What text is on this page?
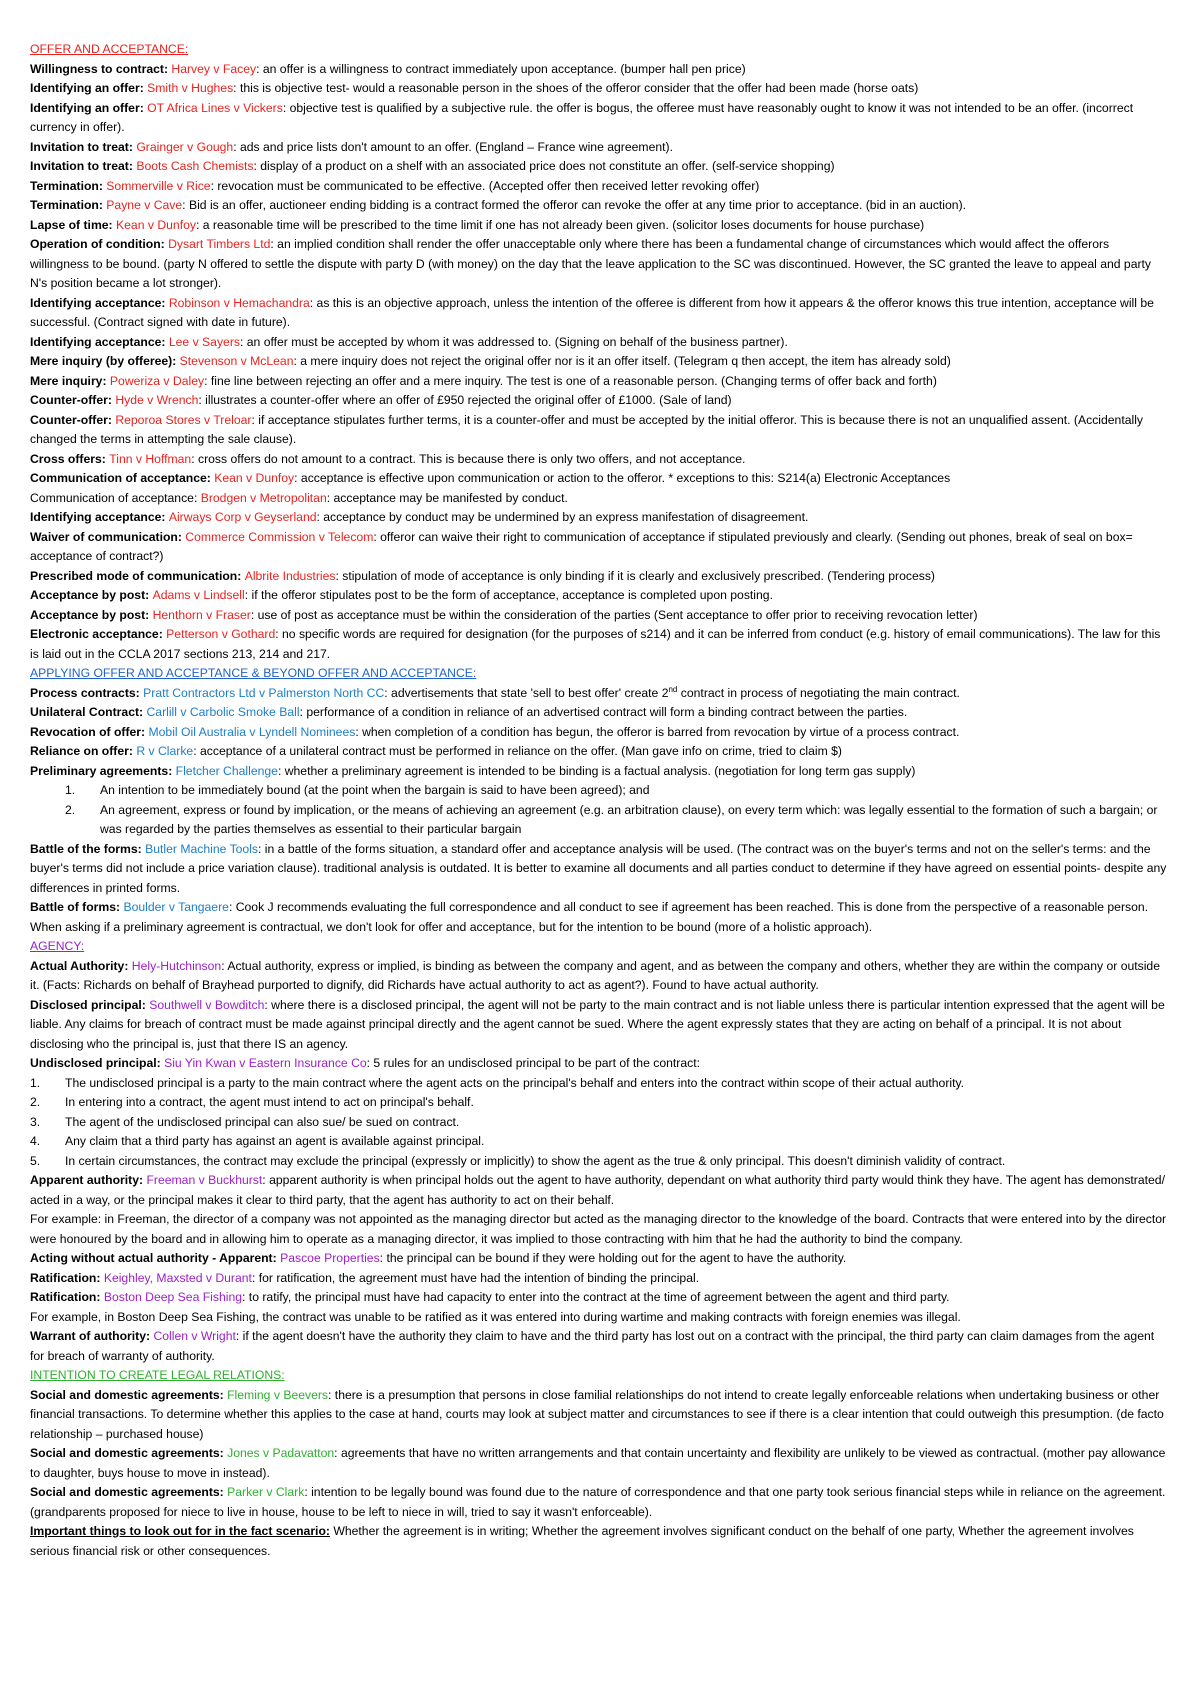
OFFER AND ACCEPTANCE:
Willingness to contract: Harvey v Facey: an offer is a willingness to contract immediately upon acceptance. (bumper hall pen price)
Identifying an offer: Smith v Hughes: this is objective test- would a reasonable person in the shoes of the offeror consider that the offer had been made (horse oats)
Identifying an offer: OT Africa Lines v Vickers: objective test is qualified by a subjective rule. the offer is bogus, the offeree must have reasonably ought to know it was not intended to be an offer. (incorrect currency in offer).
Invitation to treat: Grainger v Gough: ads and price lists don't amount to an offer. (England – France wine agreement).
Invitation to treat: Boots Cash Chemists: display of a product on a shelf with an associated price does not constitute an offer. (self-service shopping)
Termination: Sommerville v Rice: revocation must be communicated to be effective. (Accepted offer then received letter revoking offer)
Termination: Payne v Cave: Bid is an offer, auctioneer ending bidding is a contract formed the offeror can revoke the offer at any time prior to acceptance. (bid in an auction).
Lapse of time: Kean v Dunfoy: a reasonable time will be prescribed to the time limit if one has not already been given. (solicitor loses documents for house purchase)
Operation of condition: Dysart Timbers Ltd: an implied condition shall render the offer unacceptable only where there has been a fundamental change of circumstances which would affect the offerors willingness to be bound. (party N offered to settle the dispute with party D (with money) on the day that the leave application to the SC was discontinued. However, the SC granted the leave to appeal and party N's position became a lot stronger).
Identifying acceptance: Robinson v Hemachandra: as this is an objective approach, unless the intention of the offeree is different from how it appears & the offeror knows this true intention, acceptance will be successful. (Contract signed with date in future).
Identifying acceptance: Lee v Sayers: an offer must be accepted by whom it was addressed to. (Signing on behalf of the business partner).
Mere inquiry (by offeree): Stevenson v McLean: a mere inquiry does not reject the original offer nor is it an offer itself. (Telegram q then accept, the item has already sold)
Mere inquiry: Poweriza v Daley: fine line between rejecting an offer and a mere inquiry. The test is one of a reasonable person. (Changing terms of offer back and forth)
Counter-offer: Hyde v Wrench: illustrates a counter-offer where an offer of £950 rejected the original offer of £1000. (Sale of land)
Counter-offer: Reporoa Stores v Treloar: if acceptance stipulates further terms, it is a counter-offer and must be accepted by the initial offeror. This is because there is not an unqualified assent. (Accidentally changed the terms in attempting the sale clause).
Cross offers: Tinn v Hoffman: cross offers do not amount to a contract. This is because there is only two offers, and not acceptance.
Communication of acceptance: Kean v Dunfoy: acceptance is effective upon communication or action to the offeror. * exceptions to this: S214(a) Electronic Acceptances
Communication of acceptance: Brodgen v Metropolitan: acceptance may be manifested by conduct.
Identifying acceptance: Airways Corp v Geyserland: acceptance by conduct may be undermined by an express manifestation of disagreement.
Waiver of communication: Commerce Commission v Telecom: offeror can waive their right to communication of acceptance if stipulated previously and clearly. (Sending out phones, break of seal on box= acceptance of contract?)
Prescribed mode of communication: Albrite Industries: stipulation of mode of acceptance is only binding if it is clearly and exclusively prescribed. (Tendering process)
Acceptance by post: Adams v Lindsell: if the offeror stipulates post to be the form of acceptance, acceptance is completed upon posting.
Acceptance by post: Henthorn v Fraser: use of post as acceptance must be within the consideration of the parties (Sent acceptance to offer prior to receiving revocation letter)
Electronic acceptance: Petterson v Gothard: no specific words are required for designation (for the purposes of s214) and it can be inferred from conduct (e.g. history of email communications). The law for this is laid out in the CCLA 2017 sections 213, 214 and 217.
APPLYING OFFER AND ACCEPTANCE & BEYOND OFFER AND ACCEPTANCE:
Process contracts: Pratt Contractors Ltd v Palmerston North CC: advertisements that state 'sell to best offer' create 2nd contract in process of negotiating the main contract.
Unilateral Contract: Carlill v Carbolic Smoke Ball: performance of a condition in reliance of an advertised contract will form a binding contract between the parties.
Revocation of offer: Mobil Oil Australia v Lyndell Nominees: when completion of a condition has begun, the offeror is barred from revocation by virtue of a process contract.
Reliance on offer: R v Clarke: acceptance of a unilateral contract must be performed in reliance on the offer. (Man gave info on crime, tried to claim $)
Preliminary agreements: Fletcher Challenge: whether a preliminary agreement is intended to be binding is a factual analysis. (negotiation for long term gas supply)
1. An intention to be immediately bound (at the point when the bargain is said to have been agreed); and
2. An agreement, express or found by implication, or the means of achieving an agreement (e.g. an arbitration clause), on every term which: was legally essential to the formation of such a bargain; or was regarded by the parties themselves as essential to their particular bargain
Battle of the forms: Butler Machine Tools: in a battle of the forms situation, a standard offer and acceptance analysis will be used. (The contract was on the buyer's terms and not on the seller's terms: and the buyer's terms did not include a price variation clause). traditional analysis is outdated. It is better to examine all documents and all parties conduct to determine if they have agreed on essential points- despite any differences in printed forms.
Battle of forms: Boulder v Tangaere: Cook J recommends evaluating the full correspondence and all conduct to see if agreement has been reached. This is done from the perspective of a reasonable person. When asking if a preliminary agreement is contractual, we don't look for offer and acceptance, but for the intention to be bound (more of a holistic approach).
AGENCY:
Actual Authority: Hely-Hutchinson: Actual authority, express or implied, is binding as between the company and agent, and as between the company and others, whether they are within the company or outside it. (Facts: Richards on behalf of Brayhead purported to dignify, did Richards have actual authority to act as agent?). Found to have actual authority.
Disclosed principal: Southwell v Bowditch: where there is a disclosed principal, the agent will not be party to the main contract and is not liable unless there is particular intention expressed that the agent will be liable. Any claims for breach of contract must be made against principal directly and the agent cannot be sued. Where the agent expressly states that they are acting on behalf of a principal. It is not about disclosing who the principal is, just that there IS an agency.
Undisclosed principal: Siu Yin Kwan v Eastern Insurance Co: 5 rules for an undisclosed principal to be part of the contract:
1. The undisclosed principal is a party to the main contract where the agent acts on the principal's behalf and enters into the contract within scope of their actual authority.
2. In entering into a contract, the agent must intend to act on principal's behalf.
3. The agent of the undisclosed principal can also sue/ be sued on contract.
4. Any claim that a third party has against an agent is available against principal.
5. In certain circumstances, the contract may exclude the principal (expressly or implicitly) to show the agent as the true & only principal. This doesn't diminish validity of contract.
Apparent authority: Freeman v Buckhurst: apparent authority is when principal holds out the agent to have authority, dependant on what authority third party would think they have. The agent has demonstrated/ acted in a way, or the principal makes it clear to third party, that the agent has authority to act on their behalf.
For example: in Freeman, the director of a company was not appointed as the managing director but acted as the managing director to the knowledge of the board. Contracts that were entered into by the director were honoured by the board and in allowing him to operate as a managing director, it was implied to those contracting with him that he had the authority to bind the company.
Acting without actual authority - Apparent: Pascoe Properties: the principal can be bound if they were holding out for the agent to have the authority.
Ratification: Keighley, Maxsted v Durant: for ratification, the agreement must have had the intention of binding the principal.
Ratification: Boston Deep Sea Fishing: to ratify, the principal must have had capacity to enter into the contract at the time of agreement between the agent and third party.
For example, in Boston Deep Sea Fishing, the contract was unable to be ratified as it was entered into during wartime and making contracts with foreign enemies was illegal.
Warrant of authority: Collen v Wright: if the agent doesn't have the authority they claim to have and the third party has lost out on a contract with the principal, the third party can claim damages from the agent for breach of warranty of authority.
INTENTION TO CREATE LEGAL RELATIONS:
Social and domestic agreements: Fleming v Beevers: there is a presumption that persons in close familial relationships do not intend to create legally enforceable relations when undertaking business or other financial transactions. To determine whether this applies to the case at hand, courts may look at subject matter and circumstances to see if there is a clear intention that could outweigh this presumption. (de facto relationship – purchased house)
Social and domestic agreements: Jones v Padavatton: agreements that have no written arrangements and that contain uncertainty and flexibility are unlikely to be viewed as contractual. (mother pay allowance to daughter, buys house to move in instead).
Social and domestic agreements: Parker v Clark: intention to be legally bound was found due to the nature of correspondence and that one party took serious financial steps while in reliance on the agreement. (grandparents proposed for niece to live in house, house to be left to niece in will, tried to say it wasn't enforceable).
Important things to look out for in the fact scenario: Whether the agreement is in writing; Whether the agreement involves significant conduct on the behalf of one party, Whether the agreement involves serious financial risk or other consequences.
